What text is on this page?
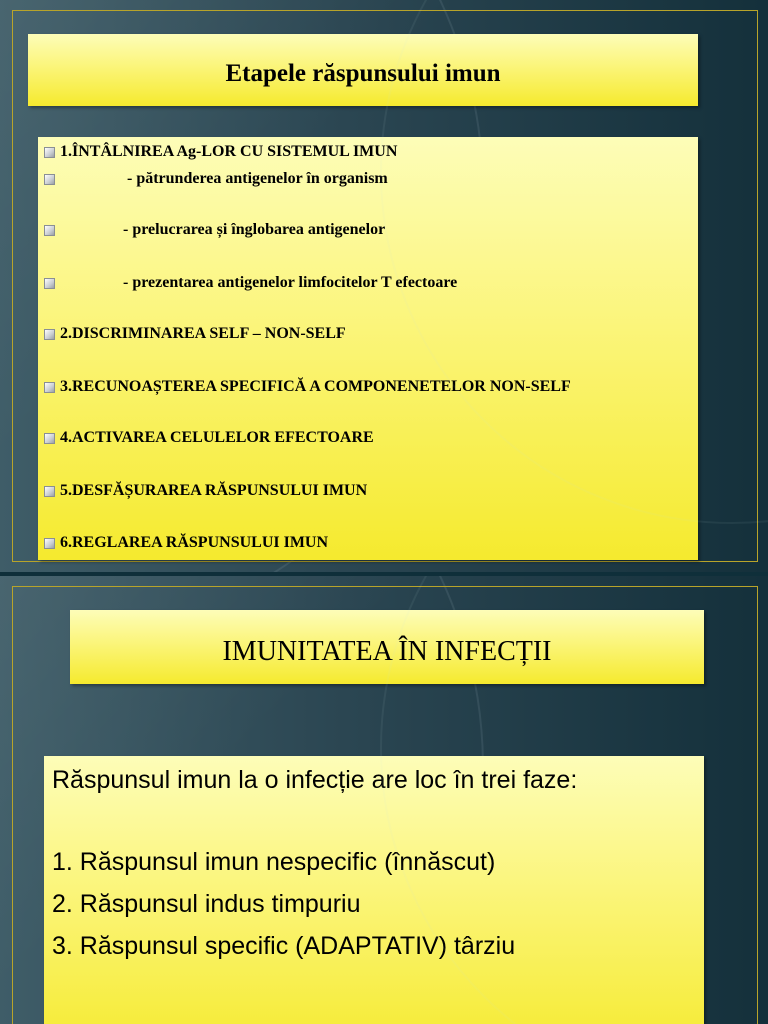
Etapele răspunsului imun
1.ÎNTÂLNIREA Ag-LOR CU SISTEMUL IMUN
- pătrunderea antigenelor în organism
- prelucrarea și înglobarea antigenelor
- prezentarea antigenelor limfocitelor T efectoare
2.DISCRIMINAREA SELF – NON-SELF
3.RECUNOAȘTEREA SPECIFICĂ A COMPONENETELOR NON-SELF
4.ACTIVAREA CELULELOR EFECTOARE
5.DESFĂȘURAREA RĂSPUNSULUI IMUN
6.REGLAREA RĂSPUNSULUI IMUN
IMUNITATEA ÎN INFECȚII
Răspunsul imun la o infecție are loc în trei faze:
1. Răspunsul imun nespecific (înnăscut)
2. Răspunsul indus timpuriu
3. Răspunsul specific (ADAPTATIV) târziu
